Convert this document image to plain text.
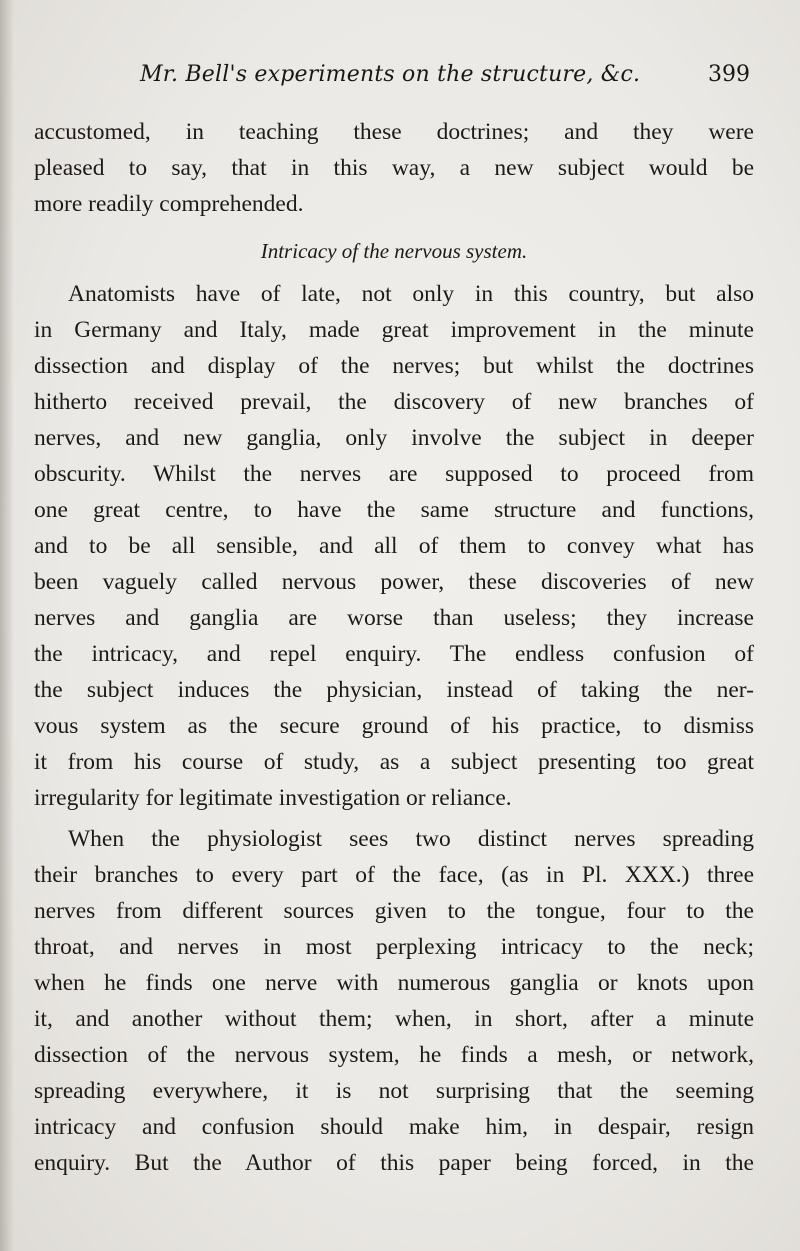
Mr. Bell's experiments on the structure, &c.	399
accustomed, in teaching these doctrines; and they were
pleased to say, that in this way, a new subject would be
more readily comprehended.
Intricacy of the nervous system.
Anatomists have of late, not only in this country, but also
in Germany and Italy, made great improvement in the minute
dissection and display of the nerves; but whilst the doctrines
hitherto received prevail, the discovery of new branches of
nerves, and new ganglia, only involve the subject in deeper
obscurity. Whilst the nerves are supposed to proceed from
one great centre, to have the same structure and functions,
and to be all sensible, and all of them to convey what has
been vaguely called nervous power, these discoveries of new
nerves and ganglia are worse than useless; they increase
the intricacy, and repel enquiry. The endless confusion of
the subject induces the physician, instead of taking the ner-
vous system as the secure ground of his practice, to dismiss
it from his course of study, as a subject presenting too great
irregularity for legitimate investigation or reliance.
When the physiologist sees two distinct nerves spreading
their branches to every part of the face, (as in Pl. XXX.) three
nerves from different sources given to the tongue, four to the
throat, and nerves in most perplexing intricacy to the neck;
when he finds one nerve with numerous ganglia or knots upon
it, and another without them; when, in short, after a minute
dissection of the nervous system, he finds a mesh, or network,
spreading everywhere, it is not surprising that the seeming
intricacy and confusion should make him, in despair, resign
enquiry. But the Author of this paper being forced, in the
